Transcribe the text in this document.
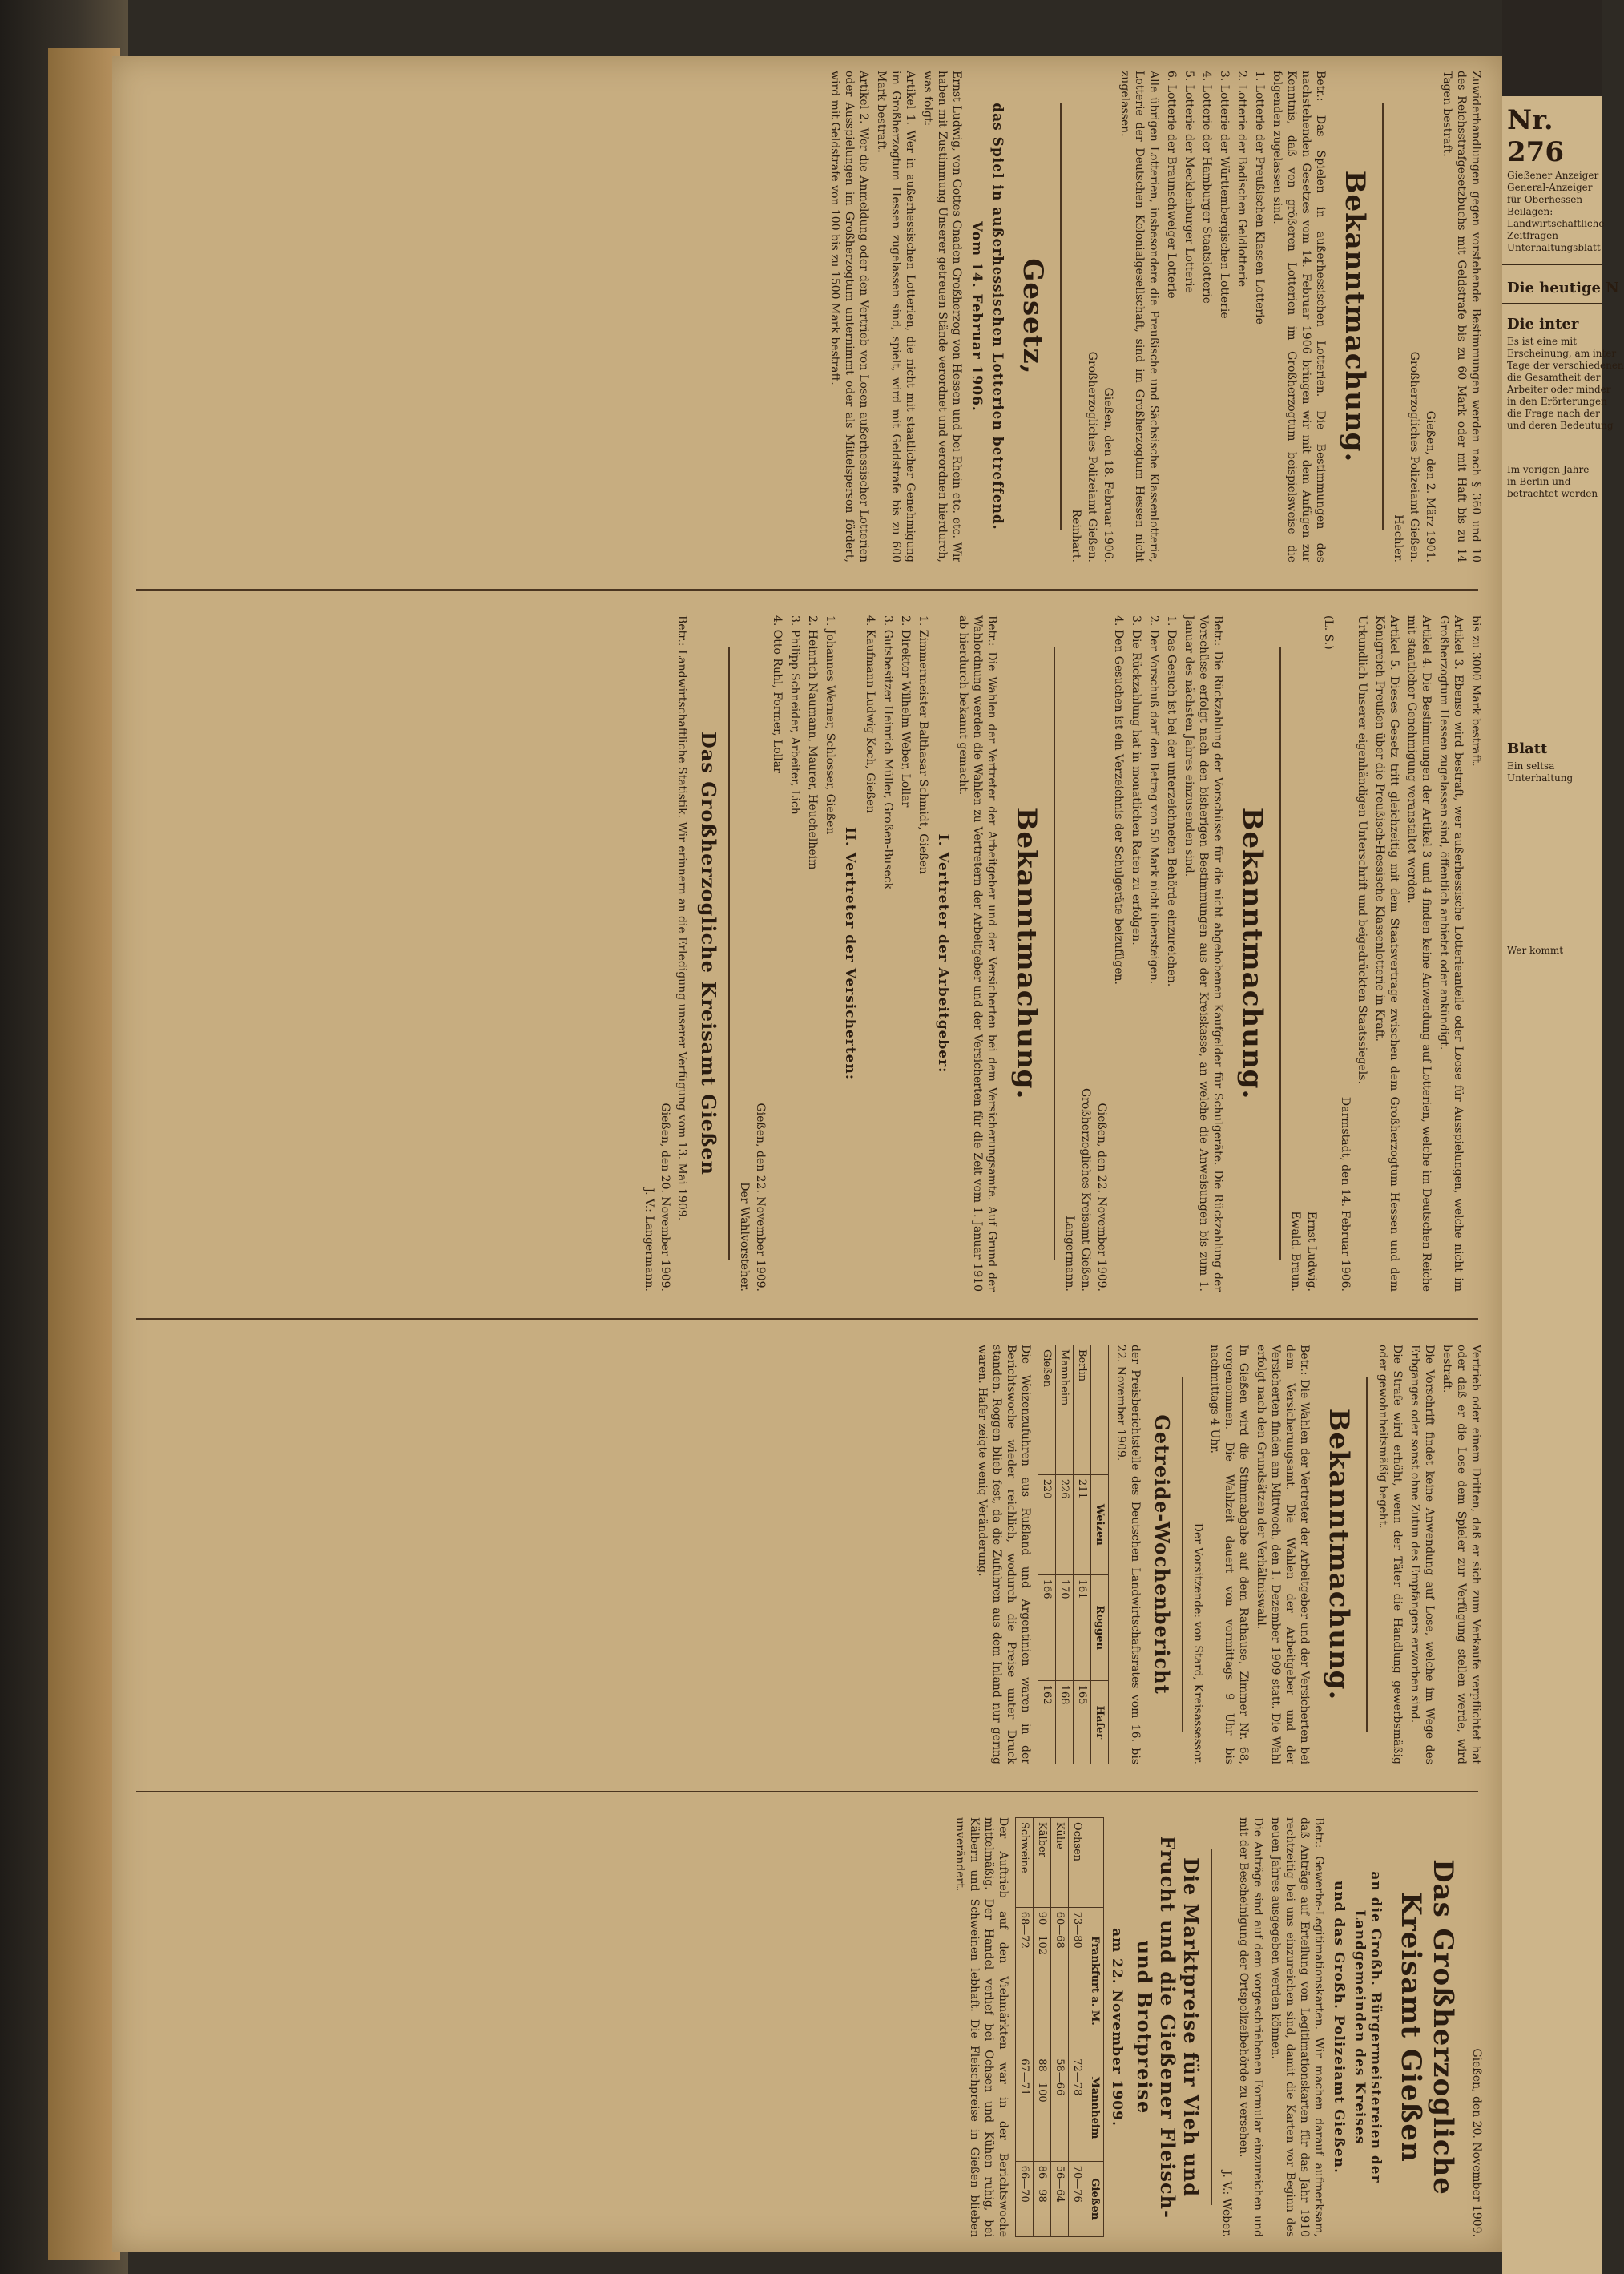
Zuwiderhandlungen gegen vorstehende Bestimmungen werden nach § 360 und 10 des Reichsstrafgesetzbuchs mit Geldstrafe bis zu 60 Mark oder mit Haft bis zu 14 Tagen bestraft.
Gießen, den 2. März 1901.
Großherzogliches Polizeiamt Gießen.
Hechler.
Bekanntmachung.
Betr.: Das Spielen in außerhessischen Lotterien. Die Bestimmungen des nachstehenden Gesetzes vom 14. Februar 1906 bringen wir mit dem Anfügen zur Kenntnis, daß von größeren Lotterien im Großherzogtum beispielsweise die folgenden zugelassen sind.
1. Lotterie der Preußischen Klassen-Lotterie
2. Lotterie der Badischen Geldlotterie
3. Lotterie der Württembergischen Lotterie
4. Lotterie der Hamburger Staatslotterie
5. Lotterie der Mecklenburger Lotterie
6. Lotterie der Braunschweiger Lotterie
Alle übrigen Lotterien, insbesondere die Preußische und Sächsische Klassenlotterie, Lotterie der Deutschen Kolonialgesellschaft, sind im Großherzogtum Hessen nicht zugelassen.
Gießen, den 18. Februar 1906.
Großherzogliches Polizeiamt Gießen.
Reinhart.
Gesetz,
das Spiel in außerhessischen Lotterien betreffend.
Vom 14. Februar 1906.
Ernst Ludwig, von Gottes Gnaden Großherzog von Hessen und bei Rhein etc. etc. Wir haben mit Zustimmung Unserer getreuen Stände verordnet und verordnen hierdurch, was folgt:
Artikel 1. Wer in außerhessischen Lotterien, die nicht mit staatlicher Genehmigung im Großherzogtum Hessen zugelassen sind, spielt, wird mit Geldstrafe bis zu 600 Mark bestraft.
Artikel 2. Wer die Anmeldung oder den Vertrieb von Losen außerhessischer Lotterien oder Ausspielungen im Großherzogtum unternimmt oder als Mittelsperson fördert, wird mit Geldstrafe von 100 bis zu 1500 Mark bestraft.
bis zu 3000 Mark bestraft.
Artikel 3. Ebenso wird bestraft, wer außerhessische Lotterieanteile oder Loose für Ausspielungen, welche nicht im Großherzogtum Hessen zugelassen sind, öffentlich anbietet oder ankündigt.
Artikel 4. Die Bestimmungen der Artikel 3 und 4 finden keine Anwendung auf Lotterien, welche im Deutschen Reiche mit staatlicher Genehmigung veranstaltet werden.
Artikel 5. Dieses Gesetz tritt gleichzeitig mit dem Staatsvertrage zwischen dem Großherzogtum Hessen und dem Königreich Preußen über die Preußisch-Hessische Klassenlotterie in Kraft.
Urkundlich Unserer eigenhändigen Unterschrift und beigedrückten Staatssiegels.
Darmstadt, den 14. Februar 1906.
(L. S.)
Ernst Ludwig.
Ewald. Braun.
Bekanntmachung.
Betr.: Die Rückzahlung der Vorschüsse für die nicht abgehobenen Kaufgelder für Schulgeräte. Die Rückzahlung der Vorschüsse erfolgt nach den bisherigen Bestimmungen aus der Kreiskasse, an welche die Anweisungen bis zum 1. Januar des nächsten Jahres einzusenden sind.
1. Das Gesuch ist bei der unterzeichneten Behörde einzureichen.
2. Der Vorschuß darf den Betrag von 50 Mark nicht übersteigen.
3. Die Rückzahlung hat in monatlichen Raten zu erfolgen.
4. Den Gesuchen ist ein Verzeichnis der Schulgeräte beizufügen.
Gießen, den 22. November 1909.
Großherzogliches Kreisamt Gießen.
Langermann.
Bekanntmachung.
Betr.: Die Wahlen der Vertreter der Arbeitgeber und der Versicherten bei dem Versicherungsamte. Auf Grund der Wahlordnung werden die Wahlen zu Vertretern der Arbeitgeber und der Versicherten für die Zeit vom 1. Januar 1910 ab hierdurch bekannt gemacht.
I. Vertreter der Arbeitgeber:
1. Zimmermeister Balthasar Schmidt, Gießen
2. Direktor Wilhelm Weber, Lollar
3. Gutsbesitzer Heinrich Müller, Großen-Buseck
4. Kaufmann Ludwig Koch, Gießen
II. Vertreter der Versicherten:
1. Johannes Werner, Schlosser, Gießen
2. Heinrich Naumann, Maurer, Heuchelheim
3. Philipp Schneider, Arbeiter, Lich
4. Otto Ruhl, Former, Lollar
Gießen, den 22. November 1909.
Der Wahlvorsteher.
Das Großherzogliche Kreisamt Gießen
Betr.: Landwirtschaftliche Statistik. Wir erinnern an die Erledigung unserer Verfügung vom 13. Mai 1909.
Gießen, den 20. November 1909.
J. V.: Langermann.
Vertrieb oder einem Dritten, daß er sich zum Verkaufe verpflichtet hat oder daß er die Lose dem Spieler zur Verfügung stellen werde, wird bestraft.
Die Vorschrift findet keine Anwendung auf Lose, welche im Wege des Erbganges oder sonst ohne Zutun des Empfängers erworben sind.
Die Strafe wird erhöht, wenn der Täter die Handlung gewerbsmäßig oder gewohnheitsmäßig begeht.
Bekanntmachung.
Betr.: Die Wahlen der Vertreter der Arbeitgeber und der Versicherten bei dem Versicherungsamt. Die Wahlen der Arbeitgeber und der Versicherten finden am Mittwoch, den 1. Dezember 1909 statt. Die Wahl erfolgt nach den Grundsätzen der Verhältniswahl.
In Gießen wird die Stimmabgabe auf dem Rathause, Zimmer Nr. 68, vorgenommen. Die Wahlzeit dauert von vormittags 9 Uhr bis nachmittags 4 Uhr.
Der Vorsitzende: von Stard, Kreisassessor.
Getreide-Wochenbericht
der Preisberichtstelle des Deutschen Landwirtschaftsrates vom 16. bis 22. November 1909.
	Weizen	Roggen	Hafer
Berlin	211	161	165
Mannheim	226	170	168
Gießen	220	166	162
Die Weizenzufuhren aus Rußland und Argentinien waren in der Berichtswoche wieder reichlich, wodurch die Preise unter Druck standen. Roggen blieb fest, da die Zufuhren aus dem Inland nur gering waren. Hafer zeigte wenig Veränderung.
Gießen, den 20. November 1909.
Das Großherzogliche Kreisamt Gießen
an die Großh. Bürgermeistereien der Landgemeinden des Kreises
und das Großh. Polizeiamt Gießen.
Betr.: Gewerbe-Legitimationskarten. Wir machen darauf aufmerksam, daß Anträge auf Erteilung von Legitimationskarten für das Jahr 1910 rechtzeitig bei uns einzureichen sind, damit die Karten vor Beginn des neuen Jahres ausgegeben werden können.
Die Anträge sind auf dem vorgeschriebenen Formular einzureichen und mit der Bescheinigung der Ortspolizeibehörde zu versehen.
J. V.: Weber.
Die Marktpreise für Vieh und Frucht und die Gießener Fleisch- und Brotpreise
am 22. November 1909.
	Frankfurt a. M.	Mannheim	Gießen
Ochsen	73—80	72—78	70—76
Kühe	60—68	58—66	56—64
Kälber	90—102	88—100	86—98
Schweine	68—72	67—71	66—70
Der Auftrieb auf den Viehmärkten war in der Berichtswoche mittelmäßig. Der Handel verlief bei Ochsen und Kühen ruhig, bei Kälbern und Schweinen lebhaft. Die Fleischpreise in Gießen blieben unverändert.
Nr. 276
Gießener Anzeiger
General-Anzeiger
für Oberhessen
Beilagen:
Landwirtschaftliche
Zeitfragen
Unterhaltungsblatt
Die heutige N
Die inter
Es ist eine mit
Erscheinung, am inter
Tage der verschiedenen
die Gesamtheit der
Arbeiter oder minder
in den Erörterungen
die Frage nach der
und deren Bedeutung
Im vorigen Jahre
in Berlin und
betrachtet werden
Blatt
Ein seltsa
Unterhaltung
Wer kommt
